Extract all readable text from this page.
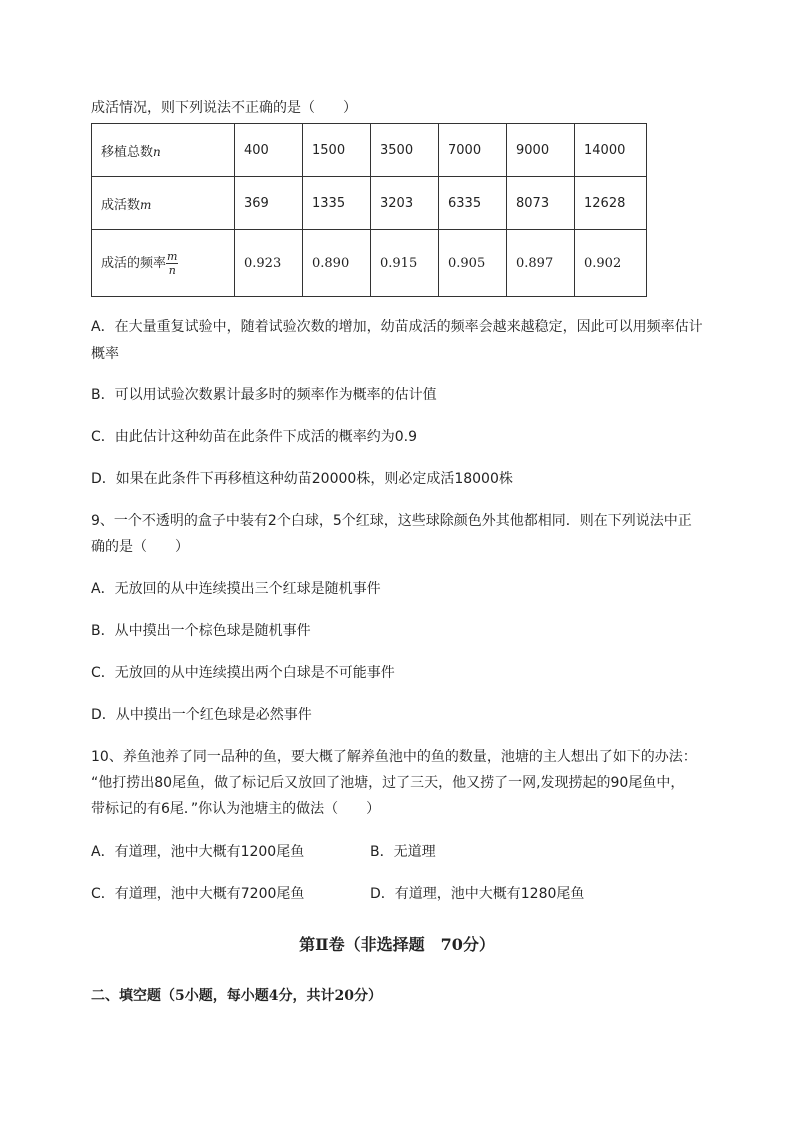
成活情况，则下列说法不正确的是（　　）
移植总数n	400	1500	3500	7000	9000	14000
成活数m	369	1335	3203	6335	8073	12628
成活的频率 $\frac{m}{n}$	0.923	0.890	0.915	0.905	0.897	0.902
A．在大量重复试验中，随着试验次数的增加，幼苗成活的频率会越来越稳定，因此可以用频率估计
概率
B．可以用试验次数累计最多时的频率作为概率的估计值
C．由此估计这种幼苗在此条件下成活的概率约为0.9
D．如果在此条件下再移植这种幼苗20000株，则必定成活18000株
9、一个不透明的盒子中装有2个白球，5个红球，这些球除颜色外其他都相同．则在下列说法中正
确的是（　　）
A．无放回的从中连续摸出三个红球是随机事件
B．从中摸出一个棕色球是随机事件
C．无放回的从中连续摸出两个白球是不可能事件
D．从中摸出一个红色球是必然事件
10、养鱼池养了同一品种的鱼，要大概了解养鱼池中的鱼的数量，池塘的主人想出了如下的办法：
“他打捞出80尾鱼，做了标记后又放回了池塘，过了三天，他又捞了一网,发现捞起的90尾鱼中，
带标记的有6尾．”你认为池塘主的做法（　　）
A．有道理，池中大概有1200尾鱼	B．无道理
C．有道理，池中大概有7200尾鱼	D．有道理，池中大概有1280尾鱼
第Ⅱ卷（非选择题　70分）
二、填空题（5小题，每小题4分，共计20分）
